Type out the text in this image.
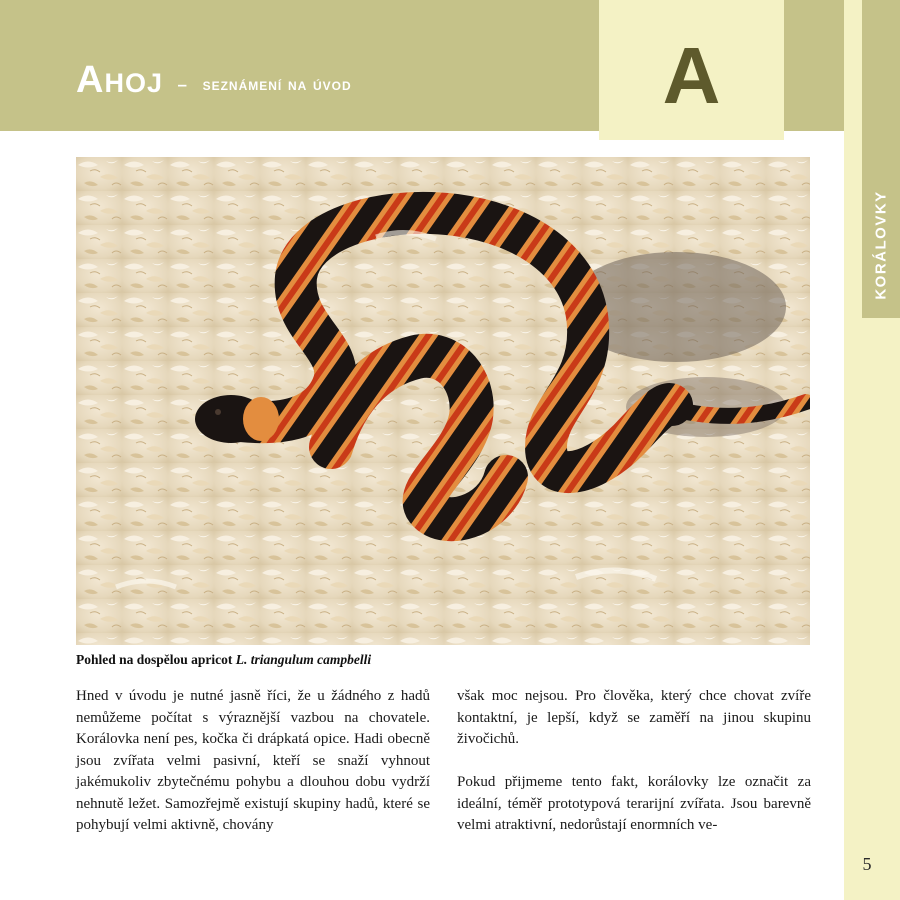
Ahoj – seznámení na úvod	A
KORÁLOVKY
Pohled na dospělou apricot L. triangulum campbelli

Hned v úvodu je nutné jasně říci, že u žádného z hadů nemůžeme počítat s výraznější vazbou na chovatele. Korálovka není pes, kočka či drápkatá opice. Hadi obecně jsou zvířata velmi pasivní, kteří se snaží vyhnout jakémukoliv zbytečnému pohybu a dlouhou dobu vydrží nehnutě ležet. Samozřejmě existují skupiny hadů, které se pohybují velmi aktivně, chovány

však moc nejsou. Pro člověka, který chce chovat zvíře kontaktní, je lepší, když se zaměří na jinou skupinu živočichů.

Pokud přijmeme tento fakt, korálovky lze označit za ideální, téměř prototypová terarijní zvířata. Jsou barevně velmi atraktivní, nedorůstají enormních ve-

5
